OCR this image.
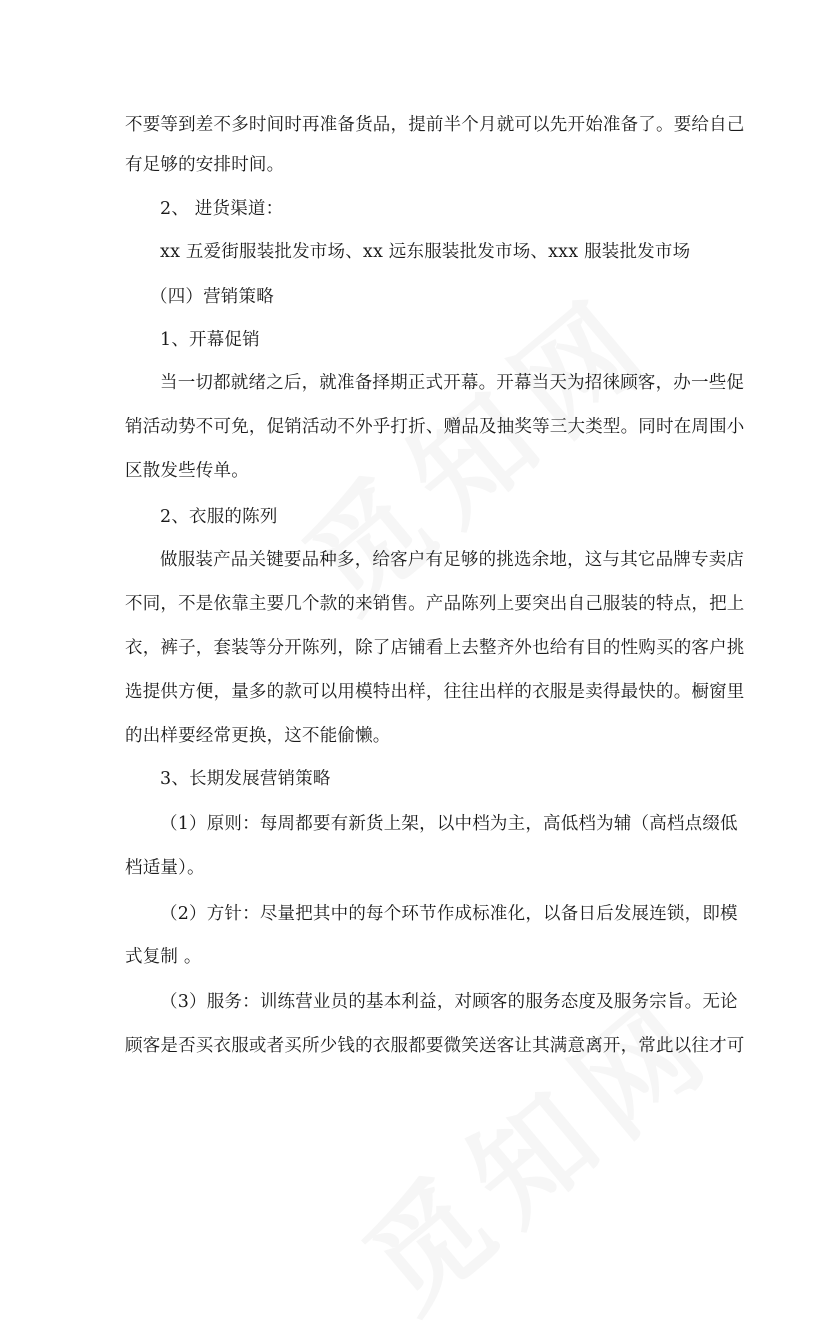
不要等到差不多时间时再准备货品，提前半个月就可以先开始准备了。要给自己
有足够的安排时间。
2、 进货渠道：
xx 五爱街服装批发市场、xx 远东服装批发市场、xxx 服装批发市场
（四）营销策略
1、开幕促销
当一切都就绪之后，就准备择期正式开幕。开幕当天为招徕顾客，办一些促
销活动势不可免，促销活动不外乎打折、赠品及抽奖等三大类型。同时在周围小
区散发些传单。
2、衣服的陈列
做服装产品关键要品种多，给客户有足够的挑选余地，这与其它品牌专卖店
不同，不是依靠主要几个款的来销售。产品陈列上要突出自己服装的特点，把上
衣，裤子，套装等分开陈列，除了店铺看上去整齐外也给有目的性购买的客户挑
选提供方便，量多的款可以用模特出样，往往出样的衣服是卖得最快的。橱窗里
的出样要经常更换，这不能偷懒。
3、长期发展营销策略
（1）原则：每周都要有新货上架，以中档为主，高低档为辅（高档点缀低
档适量）。
（2）方针：尽量把其中的每个环节作成标准化，以备日后发展连锁，即模
式复制 。
（3）服务：训练营业员的基本利益，对顾客的服务态度及服务宗旨。无论
顾客是否买衣服或者买所少钱的衣服都要微笑送客让其满意离开，常此以往才可
